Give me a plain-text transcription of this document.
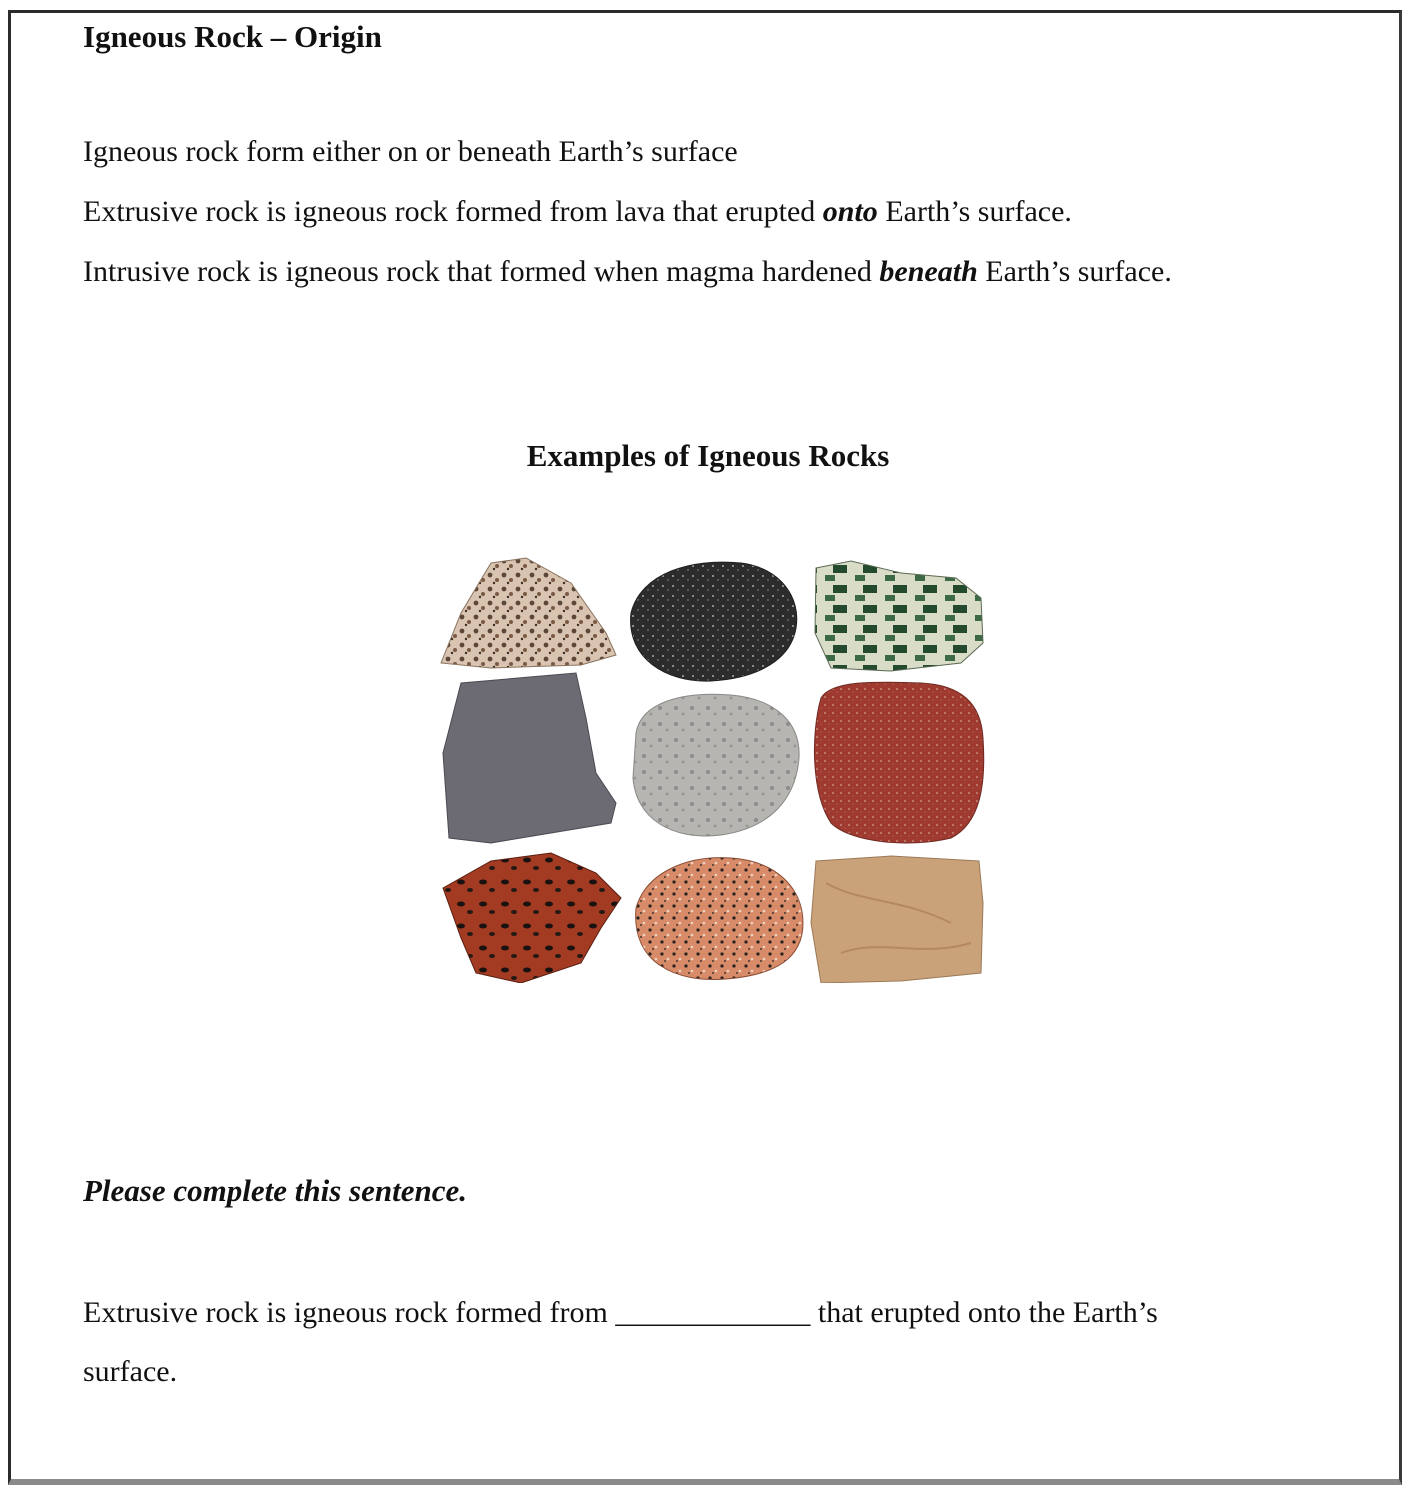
Igneous Rock – Origin
Igneous rock form either on or beneath Earth’s surface
Extrusive rock is igneous rock formed from lava that erupted onto Earth’s surface.
Intrusive rock is igneous rock that formed when magma hardened beneath Earth’s surface.
Examples of Igneous Rocks
Please complete this sentence.
Extrusive rock is igneous rock formed from _____________ that erupted onto the Earth’s
surface.
